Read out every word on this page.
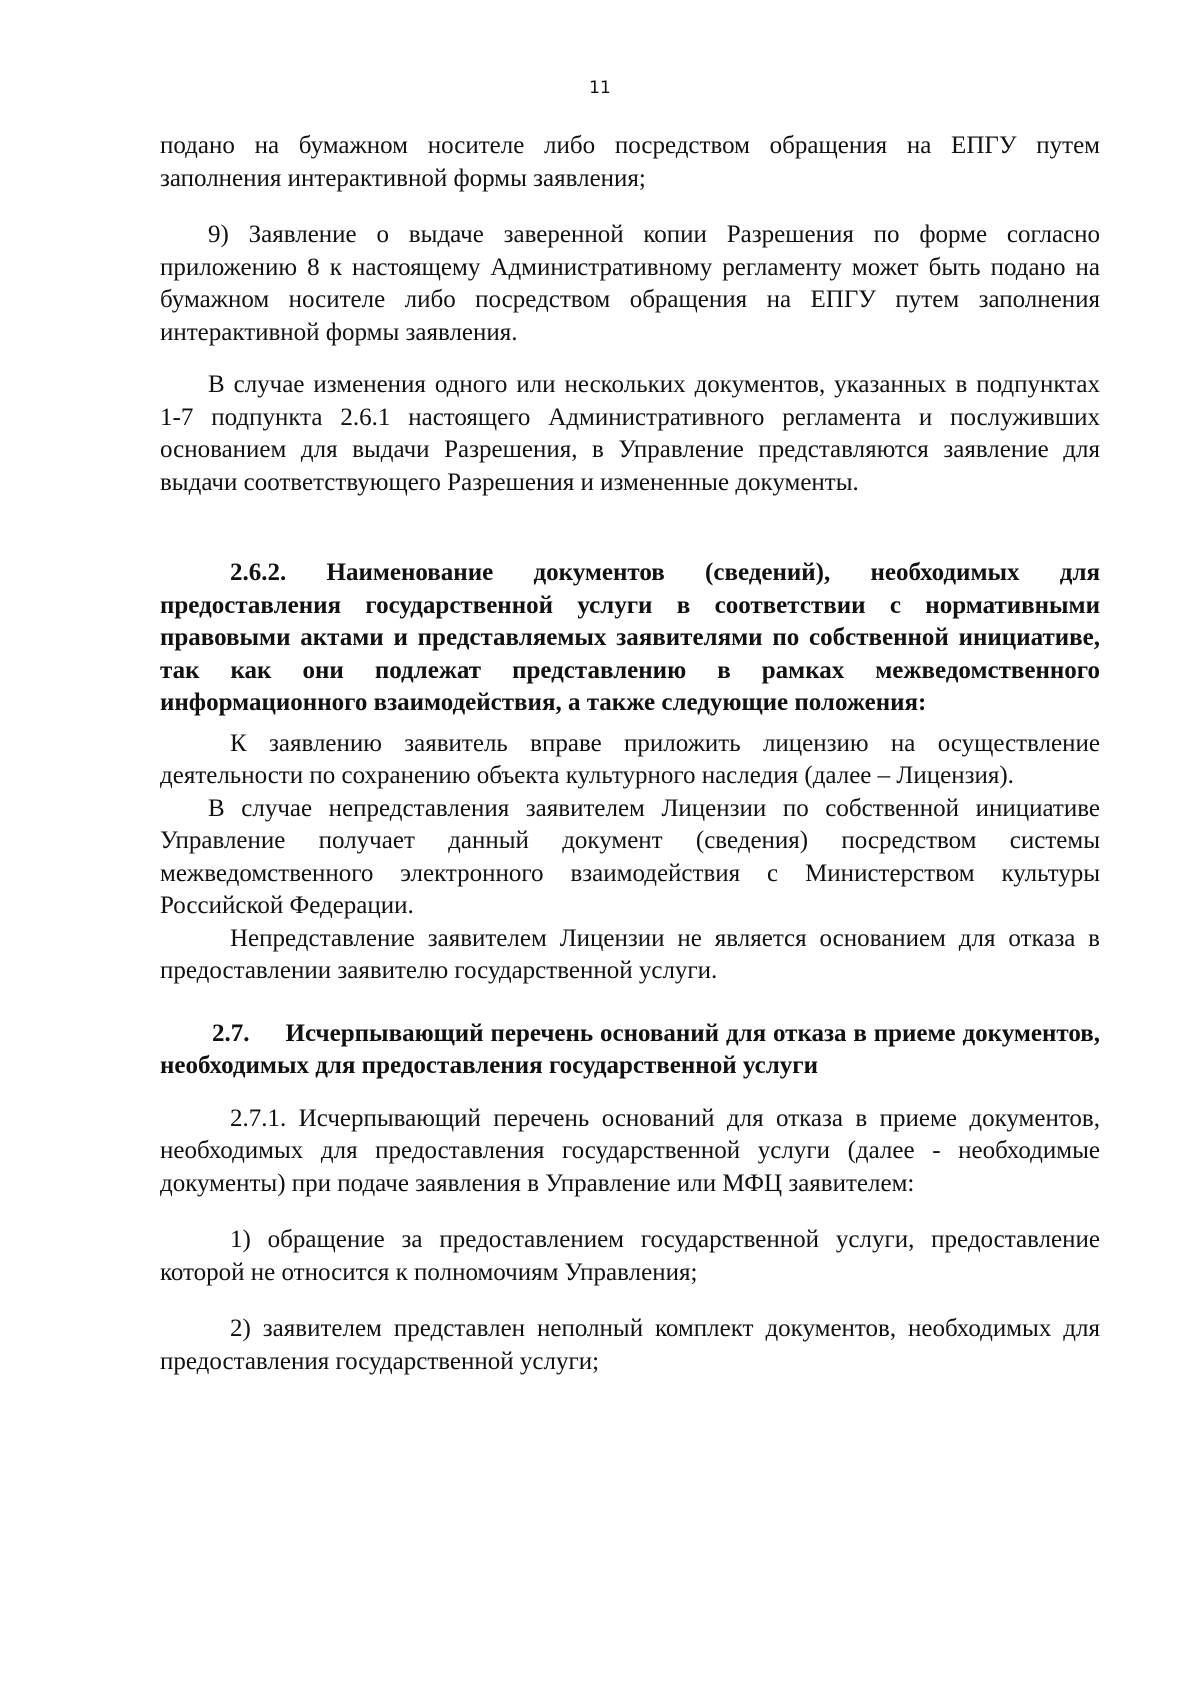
11

подано на бумажном носителе либо посредством обращения на ЕПГУ путем заполнения интерактивной формы заявления;

9) Заявление о выдаче заверенной копии Разрешения по форме согласно приложению 8 к настоящему Административному регламенту может быть подано на бумажном носителе либо посредством обращения на ЕПГУ путем заполнения интерактивной формы заявления.

В случае изменения одного или нескольких документов, указанных в подпунктах 1-7 подпункта 2.6.1 настоящего Административного регламента и послуживших основанием для выдачи Разрешения, в Управление представляются заявление для выдачи соответствующего Разрешения и измененные документы.

2.6.2. Наименование документов (сведений), необходимых для предоставления государственной услуги в соответствии с нормативными правовыми актами и представляемых заявителями по собственной инициативе, так как они подлежат представлению в рамках межведомственного информационного взаимодействия, а также следующие положения:

К заявлению заявитель вправе приложить лицензию на осуществление деятельности по сохранению объекта культурного наследия (далее – Лицензия).

В случае непредставления заявителем Лицензии по собственной инициативе Управление получает данный документ (сведения) посредством системы межведомственного электронного взаимодействия с Министерством культуры Российской Федерации.

Непредставление заявителем Лицензии не является основанием для отказа в предоставлении заявителю государственной услуги.

2.7. Исчерпывающий перечень оснований для отказа в приеме документов, необходимых для предоставления государственной услуги

2.7.1. Исчерпывающий перечень оснований для отказа в приеме документов, необходимых для предоставления государственной услуги (далее - необходимые документы) при подаче заявления в Управление или МФЦ заявителем:

1) обращение за предоставлением государственной услуги, предоставление которой не относится к полномочиям Управления;

2) заявителем представлен неполный комплект документов, необходимых для предоставления государственной услуги;
